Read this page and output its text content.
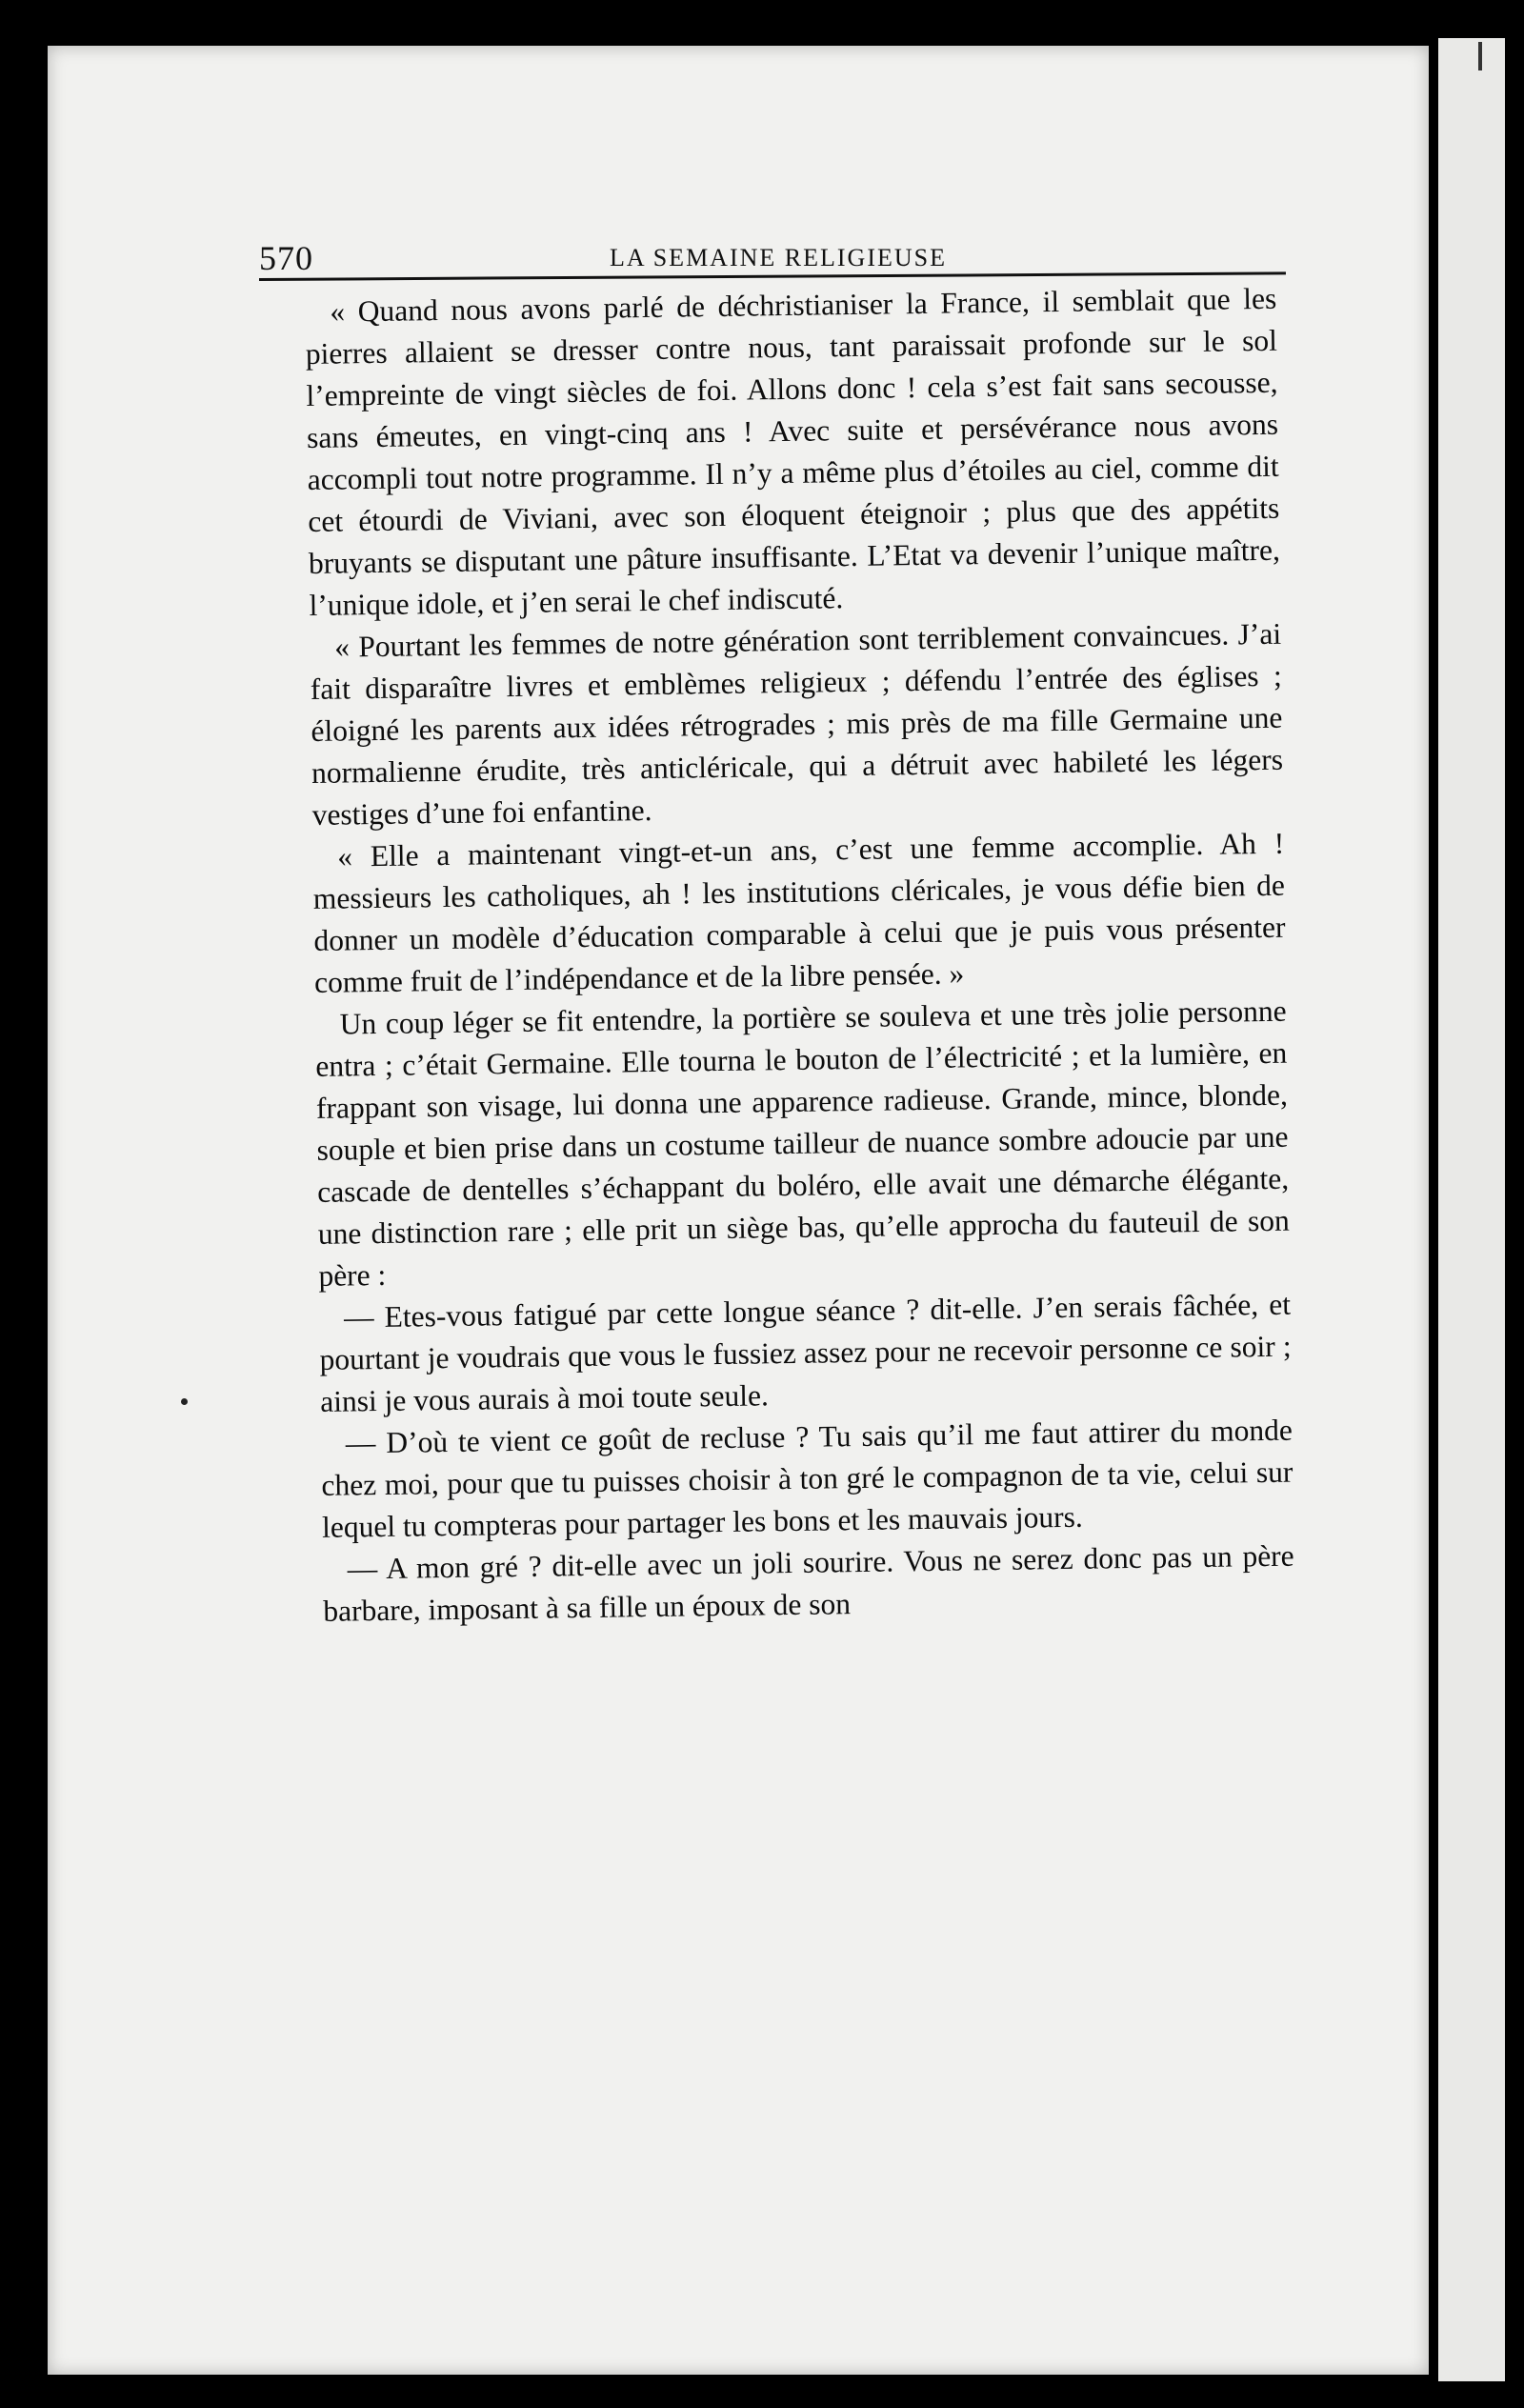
570	LA SEMAINE RELIGIEUSE

« Quand nous avons parlé de déchristianiser la France, il semblait que les pierres allaient se dresser contre nous, tant paraissait profonde sur le sol l’empreinte de vingt siècles de foi. Allons donc ! cela s’est fait sans secousse, sans émeutes, en vingt-cinq ans ! Avec suite et persévérance nous avons accompli tout notre programme. Il n’y a même plus d’étoiles au ciel, comme dit cet étourdi de Viviani, avec son éloquent éteignoir ; plus que des appétits bruyants se disputant une pâture insuffisante. L’Etat va devenir l’unique maître, l’unique idole, et j’en serai le chef indiscuté.

« Pourtant les femmes de notre génération sont terriblement convaincues. J’ai fait disparaître livres et emblèmes religieux ; défendu l’entrée des églises ; éloigné les parents aux idées rétrogrades ; mis près de ma fille Germaine une normalienne érudite, très anticléricale, qui a détruit avec habileté les légers vestiges d’une foi enfantine.

« Elle a maintenant vingt-et-un ans, c’est une femme accomplie. Ah ! messieurs les catholiques, ah ! les institutions cléricales, je vous défie bien de donner un modèle d’éducation comparable à celui que je puis vous présenter comme fruit de l’indépendance et de la libre pensée. »

Un coup léger se fit entendre, la portière se souleva et une très jolie personne entra ; c’était Germaine. Elle tourna le bouton de l’électricité ; et la lumière, en frappant son visage, lui donna une apparence radieuse. Grande, mince, blonde, souple et bien prise dans un costume tailleur de nuance sombre adoucie par une cascade de dentelles s’échappant du boléro, elle avait une démarche élégante, une distinction rare ; elle prit un siège bas, qu’elle approcha du fauteuil de son père :

— Etes-vous fatigué par cette longue séance ? dit-elle. J’en serais fâchée, et pourtant je voudrais que vous le fussiez assez pour ne recevoir personne ce soir ; ainsi je vous aurais à moi toute seule.

— D’où te vient ce goût de recluse ? Tu sais qu’il me faut attirer du monde chez moi, pour que tu puisses choisir à ton gré le compagnon de ta vie, celui sur lequel tu compteras pour partager les bons et les mauvais jours.

— A mon gré ? dit-elle avec un joli sourire. Vous ne serez donc pas un père barbare, imposant à sa fille un époux de son
